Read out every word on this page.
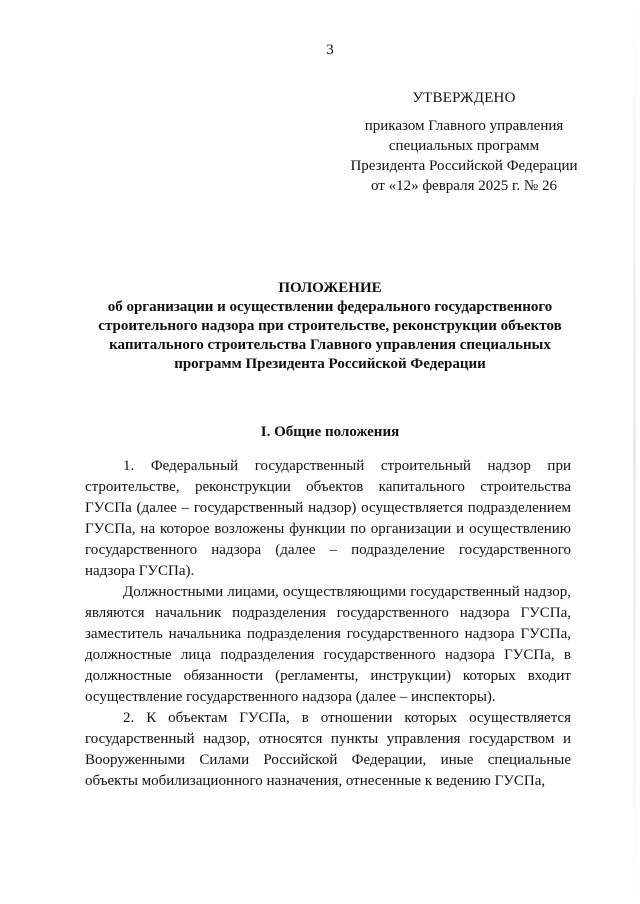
3
УТВЕРЖДЕНО
приказом Главного управления
специальных программ
Президента Российской Федерации
от «12» февраля 2025 г. № 26
ПОЛОЖЕНИЕ
об организации и осуществлении федерального государственного
строительного надзора при строительстве, реконструкции объектов
капитального строительства Главного управления специальных
программ Президента Российской Федерации
I. Общие положения

1. Федеральный государственный строительный надзор при строительстве, реконструкции объектов капитального строительства ГУСПа (далее – государственный надзор) осуществляется подразделением ГУСПа, на которое возложены функции по организации и осуществлению государственного надзора (далее – подразделение государственного надзора ГУСПа).

Должностными лицами, осуществляющими государственный надзор, являются начальник подразделения государственного надзора ГУСПа, заместитель начальника подразделения государственного надзора ГУСПа, должностные лица подразделения государственного надзора ГУСПа, в должностные обязанности (регламенты, инструкции) которых входит осуществление государственного надзора (далее – инспекторы).

2. К объектам ГУСПа, в отношении которых осуществляется государственный надзор, относятся пункты управления государством и Вооруженными Силами Российской Федерации, иные специальные объекты мобилизационного назначения, отнесенные к ведению ГУСПа,
